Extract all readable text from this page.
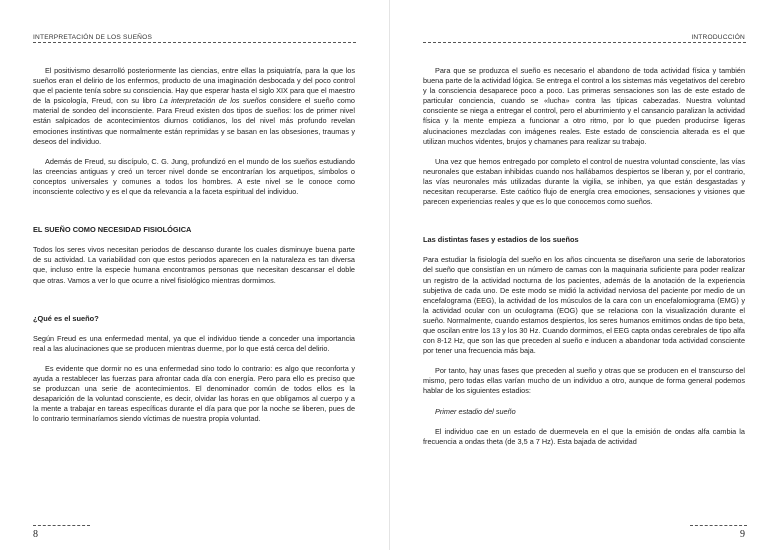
INTERPRETACIÓN DE LOS SUEÑOS

El positivismo desarrolló posteriormente las ciencias, entre ellas la psiquiatría, para la que los sueños eran el delirio de los enfermos, producto de una imaginación desbocada y del poco control que el paciente tenía sobre su consciencia. Hay que esperar hasta el siglo XIX para que el maestro de la psicología, Freud, con su libro La interpretación de los sueños considere el sueño como material de sondeo del inconsciente. Para Freud existen dos tipos de sueños: los de primer nivel están salpicados de acontecimientos diurnos cotidianos, los del nivel más profundo revelan emociones instintivas que normalmente están reprimidas y se basan en las obsesiones, traumas y deseos del individuo.

Además de Freud, su discípulo, C. G. Jung, profundizó en el mundo de los sueños estudiando las creencias antiguas y creó un tercer nivel donde se encontrarían los arquetipos, símbolos o conceptos universales y comunes a todos los hombres. A este nivel se le conoce como inconsciente colectivo y es el que da relevancia a la faceta espiritual del individuo.

EL SUEÑO COMO NECESIDAD FISIOLÓGICA

Todos los seres vivos necesitan periodos de descanso durante los cuales disminuye buena parte de su actividad. La variabilidad con que estos periodos aparecen en la naturaleza es tan diversa que, incluso entre la especie humana encontramos personas que necesitan descansar el doble que otras. Vamos a ver lo que ocurre a nivel fisiológico mientras dormimos.

¿Qué es el sueño?

Según Freud es una enfermedad mental, ya que el individuo tiende a conceder una importancia real a las alucinaciones que se producen mientras duerme, por lo que está cerca del delirio.

Es evidente que dormir no es una enfermedad sino todo lo contrario: es algo que reconforta y ayuda a restablecer las fuerzas para afrontar cada día con energía. Pero para ello es preciso que se produzcan una serie de acontecimientos. El denominador común de todos ellos es la desaparición de la voluntad consciente, es decir, olvidar las horas en que obligamos al cuerpo y a la mente a trabajar en tareas específicas durante el día para que por la noche se liberen, pues de lo contrario terminaríamos siendo víctimas de nuestra propia voluntad.

8
INTRODUCCIÓN

Para que se produzca el sueño es necesario el abandono de toda actividad física y también buena parte de la actividad lógica. Se entrega el control a los sistemas más vegetativos del cerebro y la consciencia desaparece poco a poco. Las primeras sensaciones son las de este estado de particular conciencia, cuando se «lucha» contra las típicas cabezadas. Nuestra voluntad consciente se niega a entregar el control, pero el aburrimiento y el cansancio paralizan la actividad física y la mente empieza a funcionar a otro ritmo, por lo que pueden producirse ligeras alucinaciones mezcladas con imágenes reales. Este estado de consciencia alterada es el que utilizan muchos videntes, brujos y chamanes para realizar su trabajo.

Una vez que hemos entregado por completo el control de nuestra voluntad consciente, las vías neuronales que estaban inhibidas cuando nos hallábamos despiertos se liberan y, por el contrario, las vías neuronales más utilizadas durante la vigilia, se inhiben, ya que están desgastadas y necesitan recuperarse. Este caótico flujo de energía crea emociones, sensaciones y visiones que parecen experiencias reales y que es lo que conocemos como sueños.

Las distintas fases y estadios de los sueños

Para estudiar la fisiología del sueño en los años cincuenta se diseñaron una serie de laboratorios del sueño que consistían en un número de camas con la maquinaria suficiente para poder realizar un registro de la actividad nocturna de los pacientes, además de la anotación de la experiencia subjetiva de cada uno. De este modo se midió la actividad nerviosa del paciente por medio de un encefalograma (EEG), la actividad de los músculos de la cara con un encefalomiograma (EMG) y la actividad ocular con un oculograma (EOG) que se relaciona con la visualización durante el sueño. Normalmente, cuando estamos despiertos, los seres humanos emitimos ondas de tipo beta, que oscilan entre los 13 y los 30 Hz. Cuando dormimos, el EEG capta ondas cerebrales de tipo alfa con 8-12 Hz, que son las que preceden al sueño e inducen a abandonar toda actividad consciente por tener una frecuencia más baja.

Por tanto, hay unas fases que preceden al sueño y otras que se producen en el transcurso del mismo, pero todas ellas varían mucho de un individuo a otro, aunque de forma general podemos hablar de los siguientes estadios:

Primer estadio del sueño

El individuo cae en un estado de duermevela en el que la emisión de ondas alfa cambia la frecuencia a ondas theta (de 3,5 a 7 Hz). Esta bajada de actividad

9
